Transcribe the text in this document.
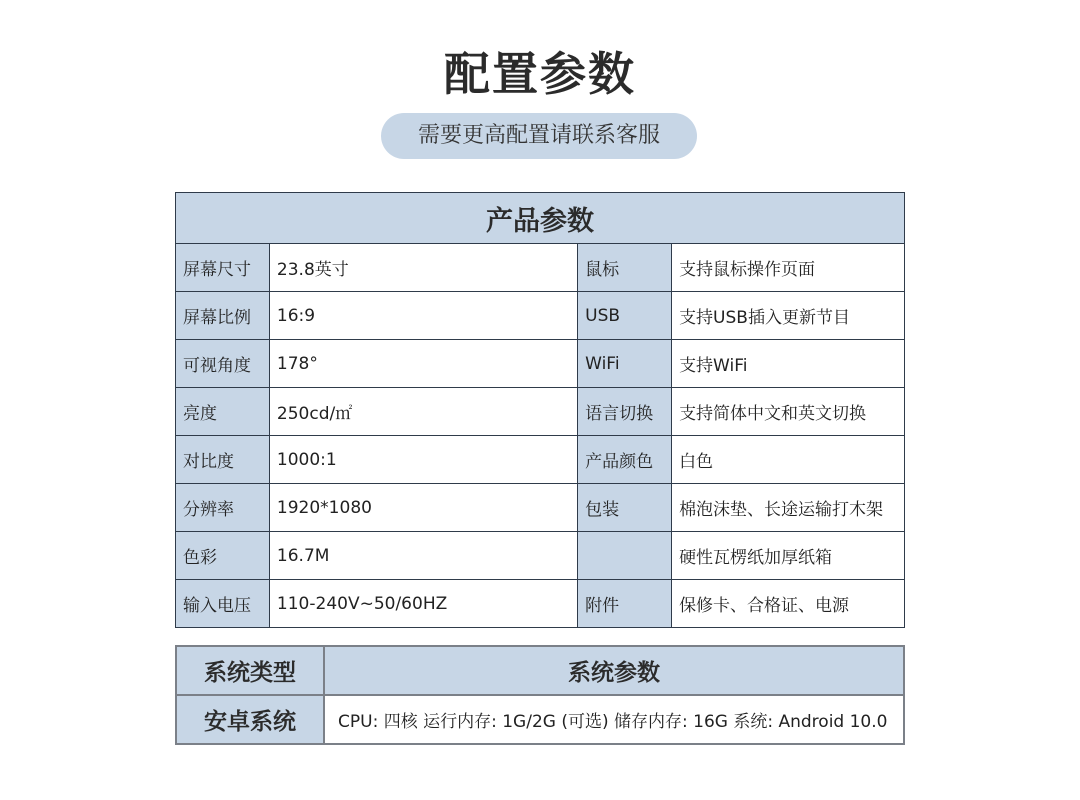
配置参数
需要更高配置请联系客服
产品参数			
屏幕尺寸	23.8英寸	鼠标	支持鼠标操作页面
屏幕比例	16:9	USB	支持USB插入更新节目
可视角度	178°	WiFi	支持WiFi
亮度	250cd/㎡	语言切换	支持简体中文和英文切换
对比度	1000:1	产品颜色	白色
分辨率	1920*1080	包装	棉泡沫垫、长途运输打木架
色彩	16.7M		硬性瓦楞纸加厚纸箱
输入电压	110-240V~50/60HZ	附件	保修卡、合格证、电源
系统类型	系统参数
安卓系统	CPU: 四核 运行内存: 1G/2G (可选) 储存内存: 16G 系统: Android 10.0
